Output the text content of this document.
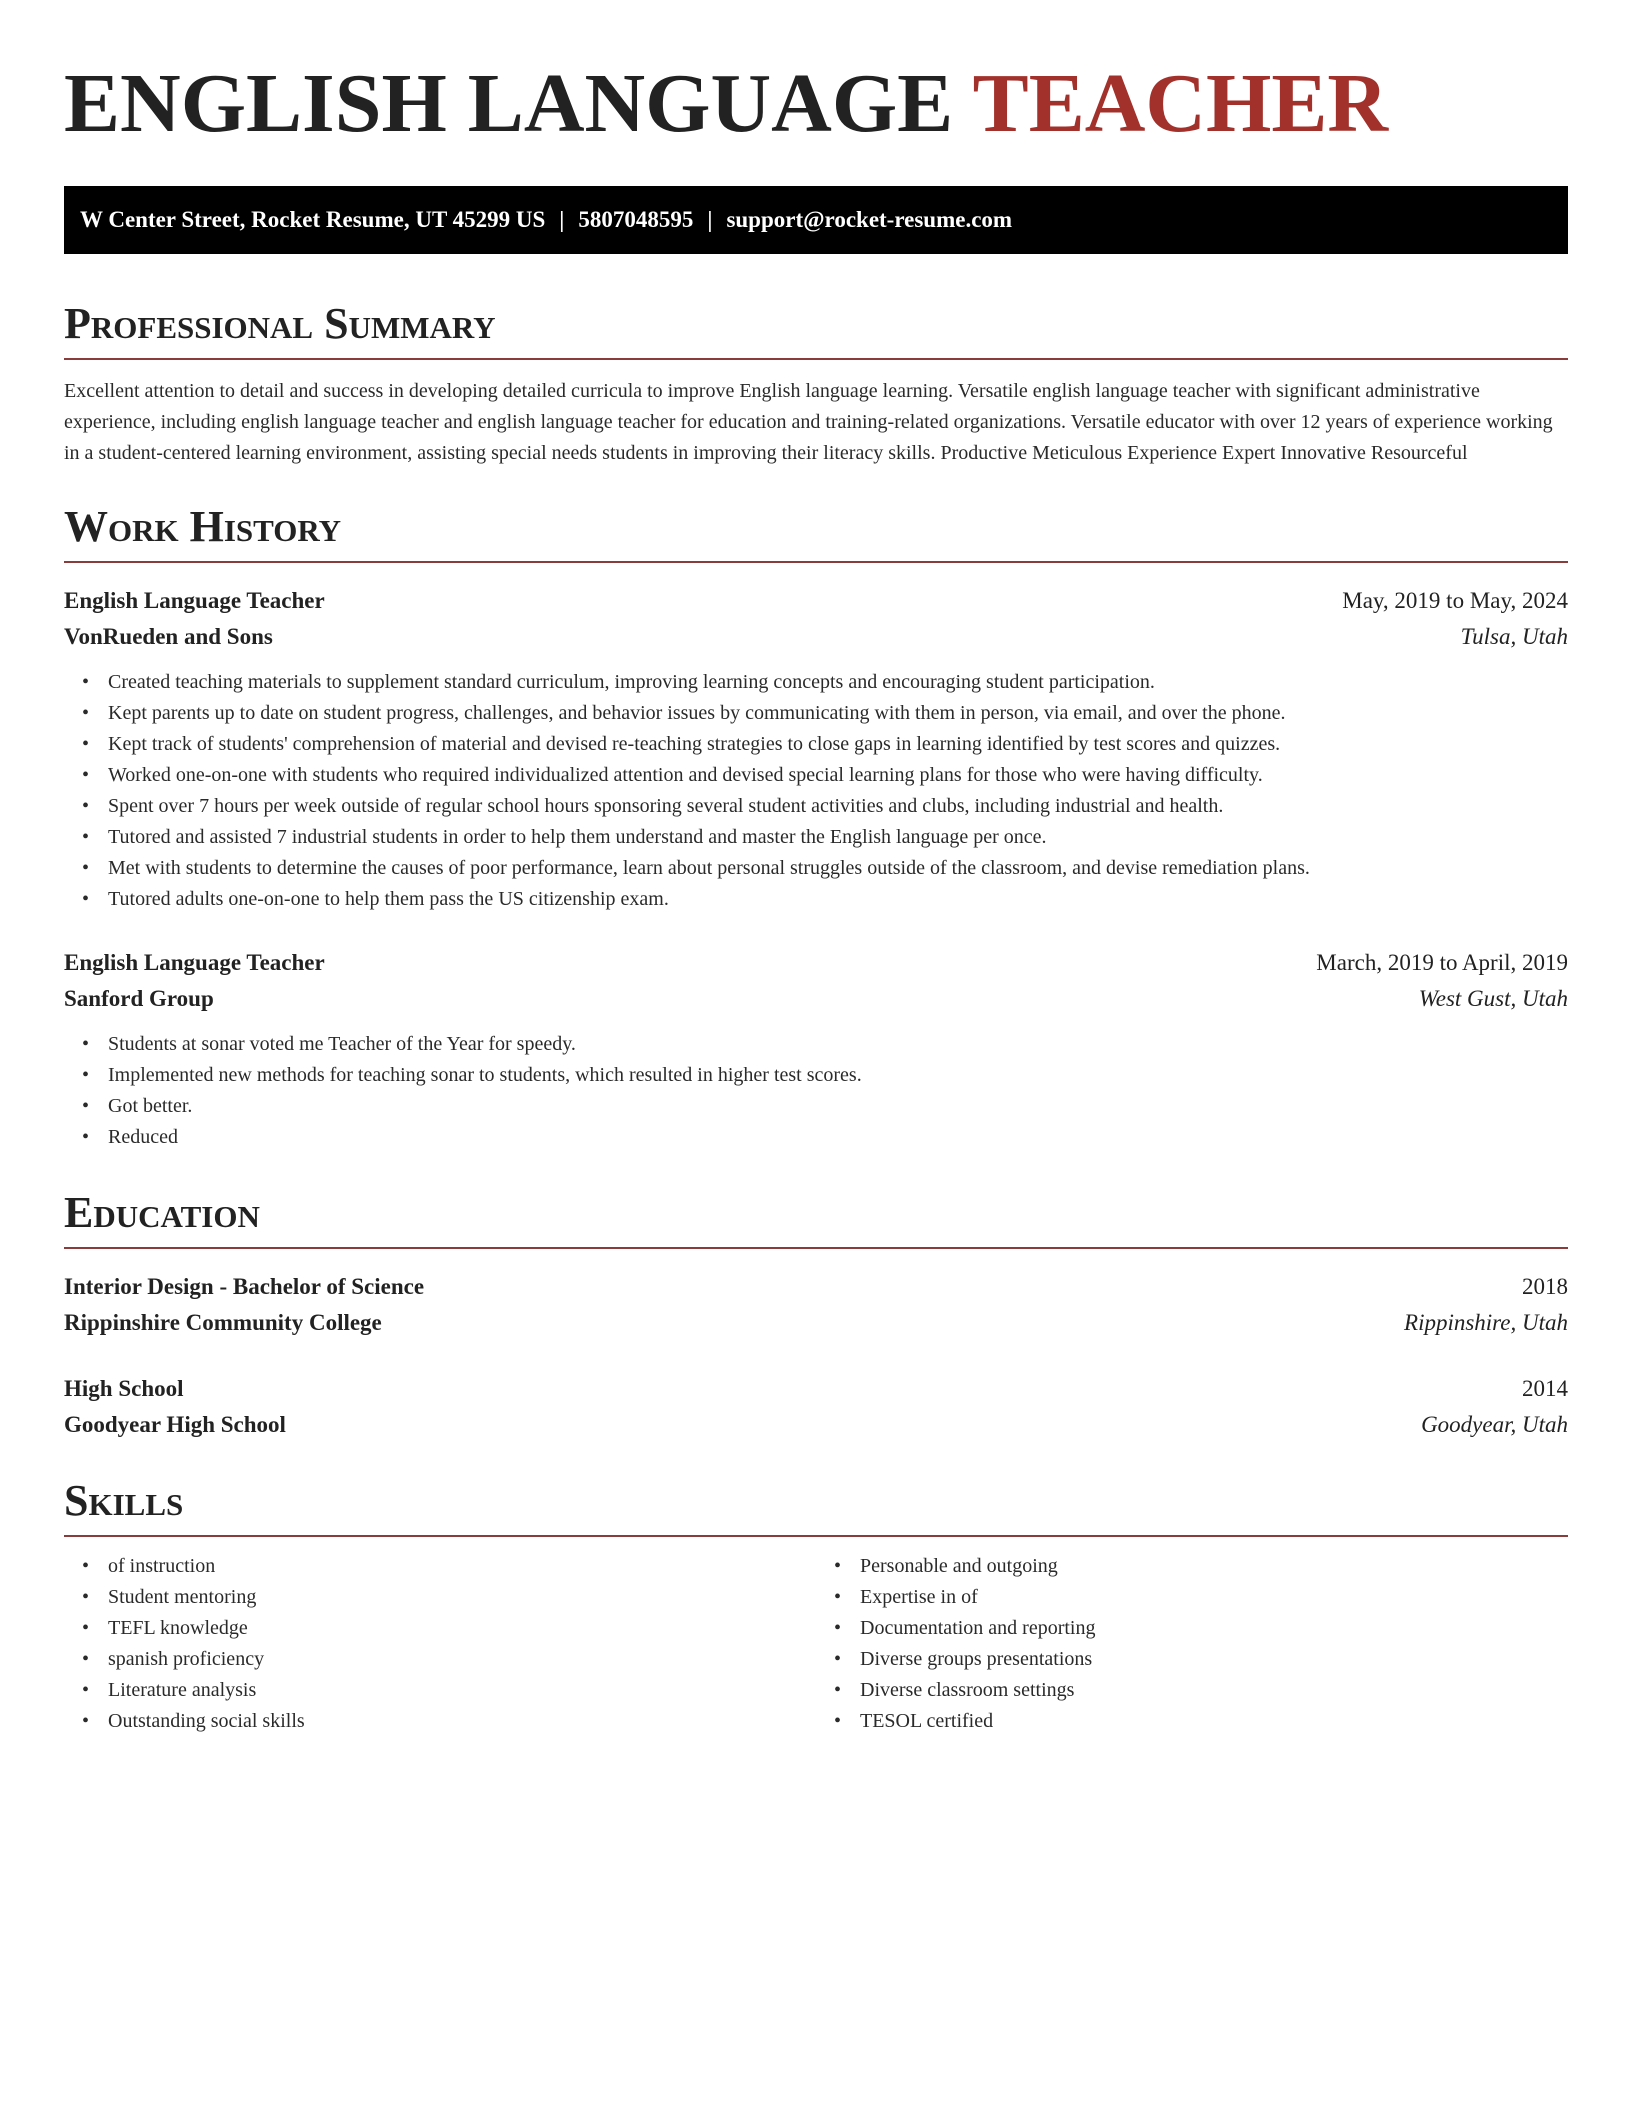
ENGLISH LANGUAGE TEACHER
W Center Street, Rocket Resume, UT 45299 US | 5807048595 | support@rocket-resume.com
Professional Summary

Excellent attention to detail and success in developing detailed curricula to improve English language learning. Versatile english language teacher with significant administrative experience, including english language teacher and english language teacher for education and training-related organizations. Versatile educator with over 12 years of experience working in a student-centered learning environment, assisting special needs students in improving their literacy skills. Productive Meticulous Experience Expert Innovative Resourceful

Work History
English Language Teacher	May, 2019 to May, 2024
VonRueden and Sons	Tulsa, Utah
• Created teaching materials to supplement standard curriculum, improving learning concepts and encouraging student participation.
• Kept parents up to date on student progress, challenges, and behavior issues by communicating with them in person, via email, and over the phone.
• Kept track of students' comprehension of material and devised re-teaching strategies to close gaps in learning identified by test scores and quizzes.
• Worked one-on-one with students who required individualized attention and devised special learning plans for those who were having difficulty.
• Spent over 7 hours per week outside of regular school hours sponsoring several student activities and clubs, including industrial and health.
• Tutored and assisted 7 industrial students in order to help them understand and master the English language per once.
• Met with students to determine the causes of poor performance, learn about personal struggles outside of the classroom, and devise remediation plans.
• Tutored adults one-on-one to help them pass the US citizenship exam.
English Language Teacher	March, 2019 to April, 2019
Sanford Group	West Gust, Utah
• Students at sonar voted me Teacher of the Year for speedy.
• Implemented new methods for teaching sonar to students, which resulted in higher test scores.
• Got better.
• Reduced
Education
Interior Design - Bachelor of Science	2018
Rippinshire Community College	Rippinshire, Utah
High School	2014
Goodyear High School	Goodyear, Utah
Skills
• of instruction
• Student mentoring
• TEFL knowledge
• spanish proficiency
• Literature analysis
• Outstanding social skills
• Personable and outgoing
• Expertise in of
• Documentation and reporting
• Diverse groups presentations
• Diverse classroom settings
• TESOL certified
